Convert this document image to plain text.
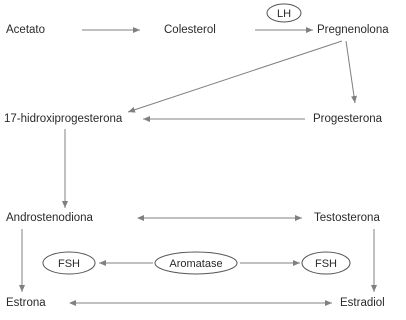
LH
FSH	Aromatase	FSH
Acetato	Colesterol	Pregnenolona
17-hidroxiprogesterona	Progesterona
Androstenodiona	Testosterona
Estrona	Estradiol
